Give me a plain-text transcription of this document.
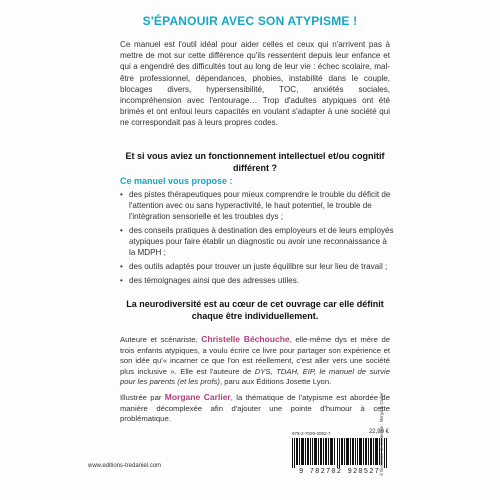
S'ÉPANOUIR AVEC SON ATYPISME !

Ce manuel est l'outil idéal pour aider celles et ceux qui n'arrivent pas à mettre de mot sur cette différence qu'ils ressentent depuis leur enfance et qui a engendré des difficultés tout au long de leur vie : échec scolaire, mal-être professionnel, dépendances, phobies, instabilité dans le couple, blocages divers, hypersensibilité, TOC, anxiétés sociales, incompréhension avec l'entourage… Trop d'adultes atypiques ont été brimés et ont enfoui leurs capacités en voulant s'adapter à une société qui ne correspondait pas à leurs propres codes.

Et si vous aviez un fonctionnement intellectuel et/ou cognitif différent ?

Ce manuel vous propose :
• des pistes thérapeutiques pour mieux comprendre le trouble du déficit de l'attention avec ou sans hyperactivité, le haut potentiel, le trouble de l'intégration sensorielle et les troubles dys ;
• des conseils pratiques à destination des employeurs et de leurs employés atypiques pour faire établir un diagnostic ou avoir une reconnaissance à la MDPH ;
• des outils adaptés pour trouver un juste équilibre sur leur lieu de travail ;
• des témoignages ainsi que des adresses utiles.

La neurodiversité est au cœur de cet ouvrage car elle définit chaque être individuellement.

Auteure et scénariste, Christelle Béchouche, elle-même dys et mère de trois enfants atypiques, a voulu écrire ce livre pour partager son expérience et son idée qu'« incarner ce que l'on est réellement, c'est aller vers une société plus inclusive ». Elle est l'auteure de DYS, TDAH, EIP, le manuel de survie pour les parents (et les profs), paru aux Éditions Josette Lyon.

Illustrée par Morgane Carlier, la thématique de l'atypisme est abordée de manière décomplexée afin d'ajouter une pointe d'humour à cette problématique.

978-2-7029-2052-7	22,90 €
9 782702 920527 © Illustration de couverture : Morgane Carlier
www.editions-tredaniel.com
